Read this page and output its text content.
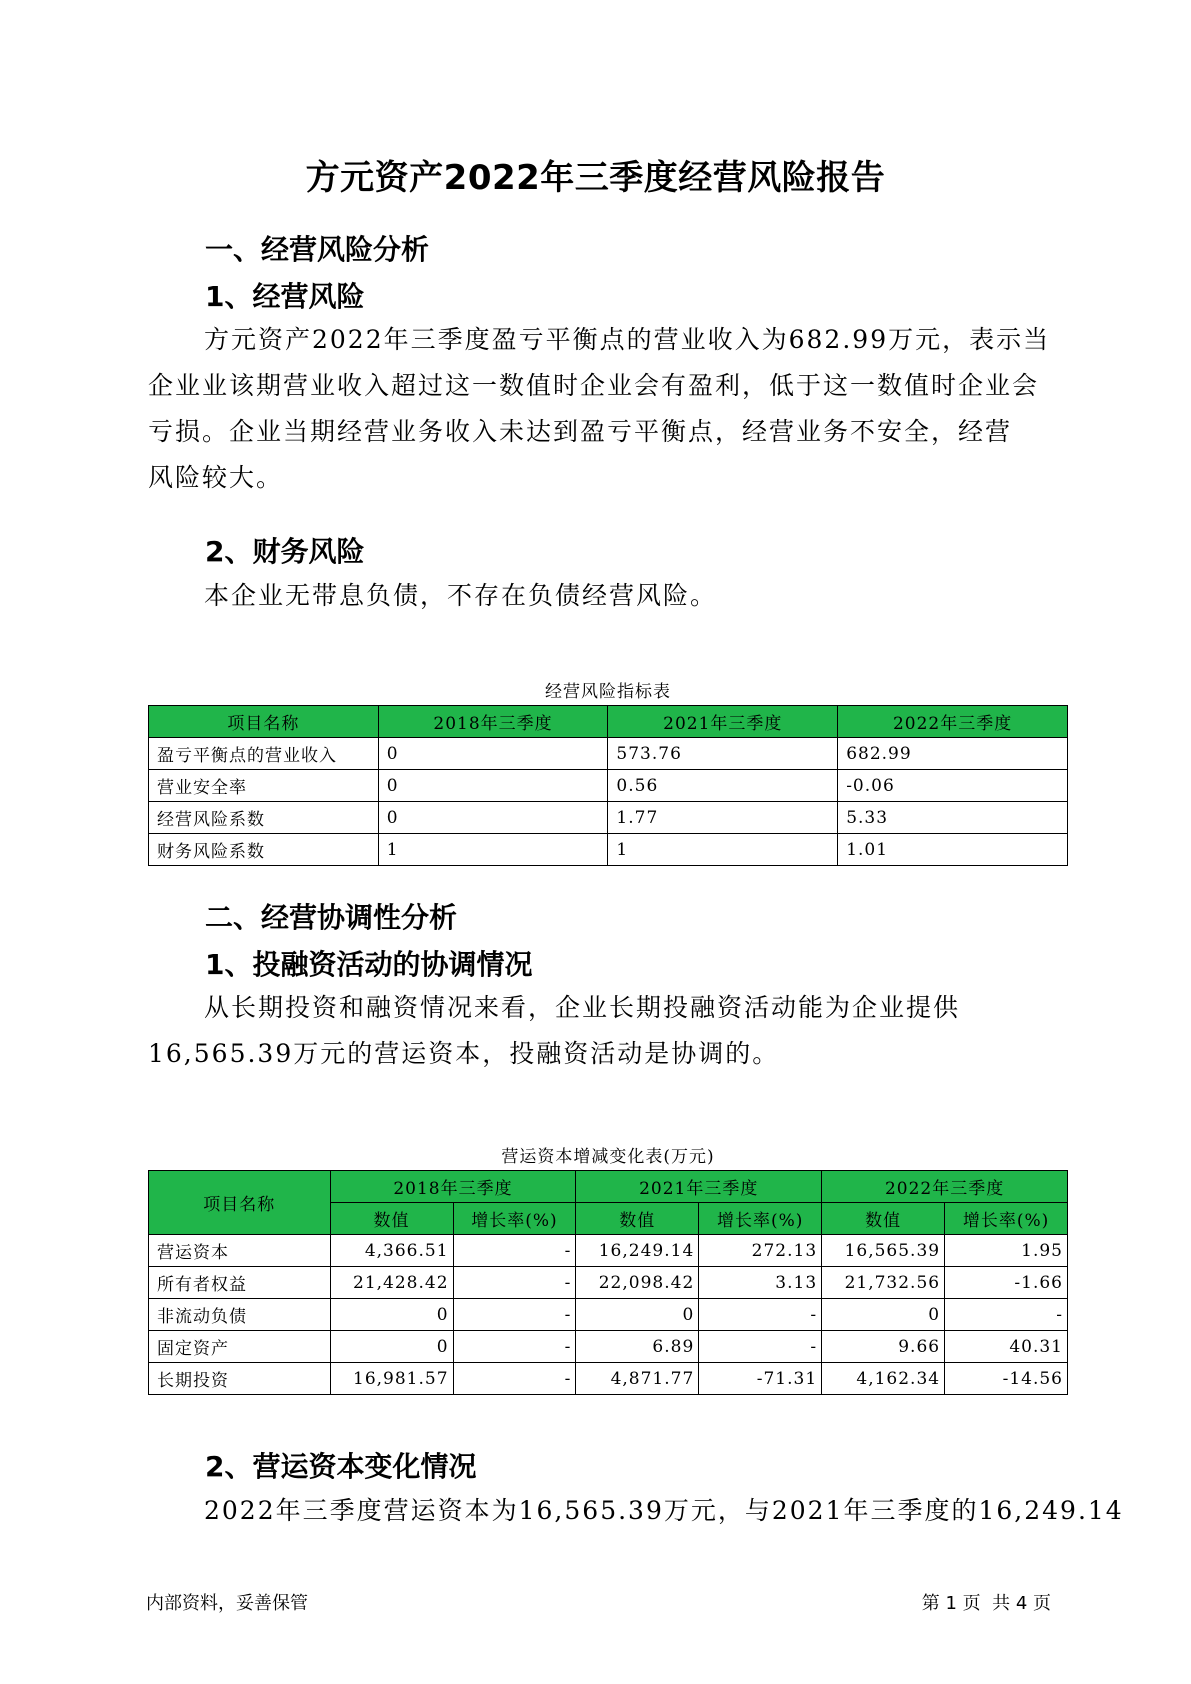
方元资产2022年三季度经营风险报告
一、经营风险分析
1、经营风险
方元资产2022年三季度盈亏平衡点的营业收入为682.99万元，表示当
企业业该期营业收入超过这一数值时企业会有盈利，低于这一数值时企业会
亏损。企业当期经营业务收入未达到盈亏平衡点，经营业务不安全，经营
风险较大。
2、财务风险
本企业无带息负债，不存在负债经营风险。
经营风险指标表
项目名称	2018年三季度	2021年三季度	2022年三季度
盈亏平衡点的营业收入	0	573.76	682.99
营业安全率	0	0.56	-0.06
经营风险系数	0	1.77	5.33
财务风险系数	1	1	1.01
二、经营协调性分析
1、投融资活动的协调情况
从长期投资和融资情况来看，企业长期投融资活动能为企业提供
16,565.39万元的营运资本，投融资活动是协调的。
营运资本增减变化表(万元)
项目名称	2018年三季度		2021年三季度		2022年三季度	
	数值	增长率(%)	数值	增长率(%)	数值	增长率(%)
营运资本	4,366.51	-	16,249.14	272.13	16,565.39	1.95
所有者权益	21,428.42	-	22,098.42	3.13	21,732.56	-1.66
非流动负债	0	-	0	-	0	-
固定资产	0	-	6.89	-	9.66	40.31
长期投资	16,981.57	-	4,871.77	-71.31	4,162.34	-14.56
2、营运资本变化情况
2022年三季度营运资本为16,565.39万元，与2021年三季度的16,249.14
内部资料，妥善保管	第 1 页  共 4 页
